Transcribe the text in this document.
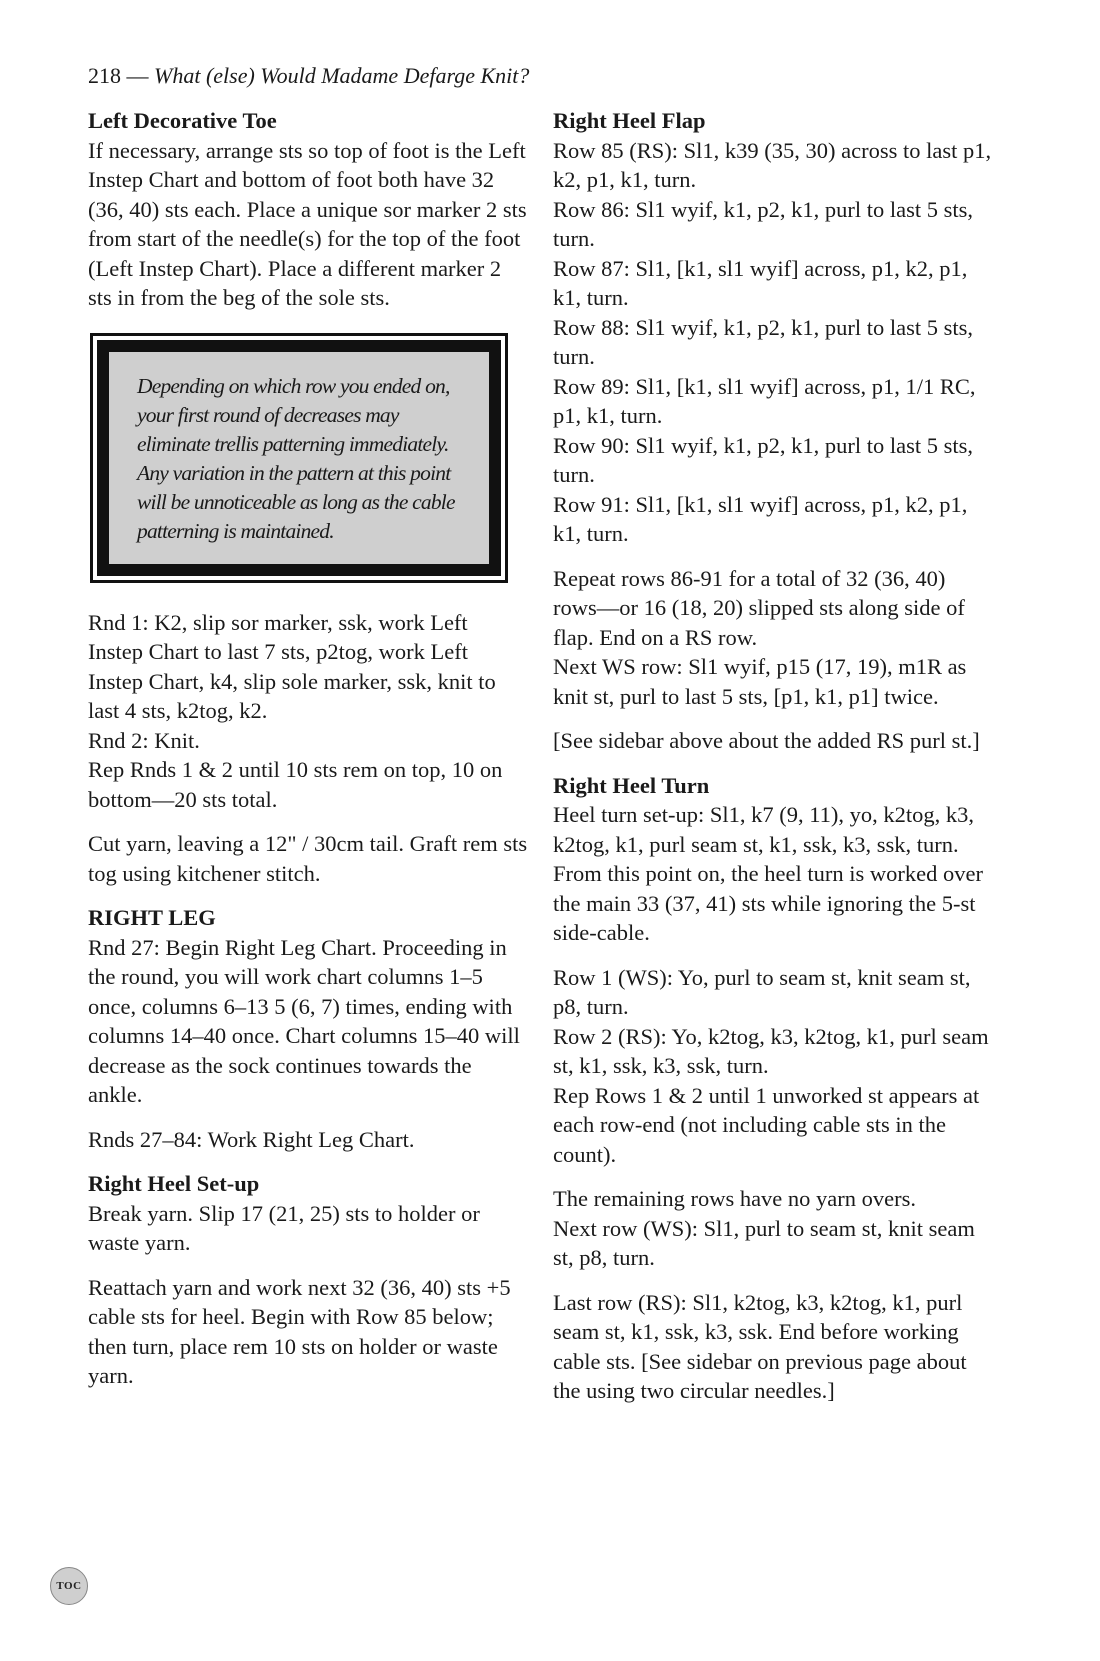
218 — What (else) Would Madame Defarge Knit?
Left Decorative Toe

If necessary, arrange sts so top of foot is the Left Instep Chart and bottom of foot both have 32 (36, 40) sts each. Place a unique sor marker 2 sts from start of the needle(s) for the top of the foot (Left Instep Chart). Place a different marker 2 sts in from the beg of the sole sts.

Depending on which row you ended on, your first round of decreases may eliminate trellis patterning immediately. Any variation in the pattern at this point will be unnoticeable as long as the cable patterning is maintained.

Rnd 1: K2, slip sor marker, ssk, work Left Instep Chart to last 7 sts, p2tog, work Left Instep Chart, k4, slip sole marker, ssk, knit to last 4 sts, k2tog, k2.

Rnd 2: Knit.

Rep Rnds 1 & 2 until 10 sts rem on top, 10 on bottom—20 sts total.

Cut yarn, leaving a 12" / 30cm tail. Graft rem sts tog using kitchener stitch.

RIGHT LEG

Rnd 27: Begin Right Leg Chart. Proceeding in the round, you will work chart columns 1–5 once, columns 6–13 5 (6, 7) times, ending with columns 14–40 once. Chart columns 15–40 will decrease as the sock continues towards the ankle.

Rnds 27–84: Work Right Leg Chart.

Right Heel Set-up

Break yarn. Slip 17 (21, 25) sts to holder or waste yarn.

Reattach yarn and work next 32 (36, 40) sts +5 cable sts for heel. Begin with Row 85 below; then turn, place rem 10 sts on holder or waste yarn.

Right Heel Flap

Row 85 (RS): Sl1, k39 (35, 30) across to last p1, k2, p1, k1, turn.

Row 86: Sl1 wyif, k1, p2, k1, purl to last 5 sts, turn.

Row 87: Sl1, [k1, sl1 wyif] across, p1, k2, p1, k1, turn.

Row 88: Sl1 wyif, k1, p2, k1, purl to last 5 sts, turn.

Row 89: Sl1, [k1, sl1 wyif] across, p1, 1/1 RC, p1, k1, turn.

Row 90: Sl1 wyif, k1, p2, k1, purl to last 5 sts, turn.

Row 91: Sl1, [k1, sl1 wyif] across, p1, k2, p1, k1, turn.

Repeat rows 86-91 for a total of 32 (36, 40) rows—or 16 (18, 20) slipped sts along side of flap. End on a RS row.

Next WS row: Sl1 wyif, p15 (17, 19), m1R as knit st, purl to last 5 sts, [p1, k1, p1] twice.

[See sidebar above about the added RS purl st.]

Right Heel Turn

Heel turn set-up: Sl1, k7 (9, 11), yo, k2tog, k3, k2tog, k1, purl seam st, k1, ssk, k3, ssk, turn. From this point on, the heel turn is worked over the main 33 (37, 41) sts while ignoring the 5-st side-cable.

Row 1 (WS): Yo, purl to seam st, knit seam st, p8, turn.

Row 2 (RS): Yo, k2tog, k3, k2tog, k1, purl seam st, k1, ssk, k3, ssk, turn.

Rep Rows 1 & 2 until 1 unworked st appears at each row-end (not including cable sts in the count).

The remaining rows have no yarn overs.

Next row (WS): Sl1, purl to seam st, knit seam st, p8, turn.

Last row (RS): Sl1, k2tog, k3, k2tog, k1, purl seam st, k1, ssk, k3, ssk. End before working cable sts. [See sidebar on previous page about the using two circular needles.]

TOC
